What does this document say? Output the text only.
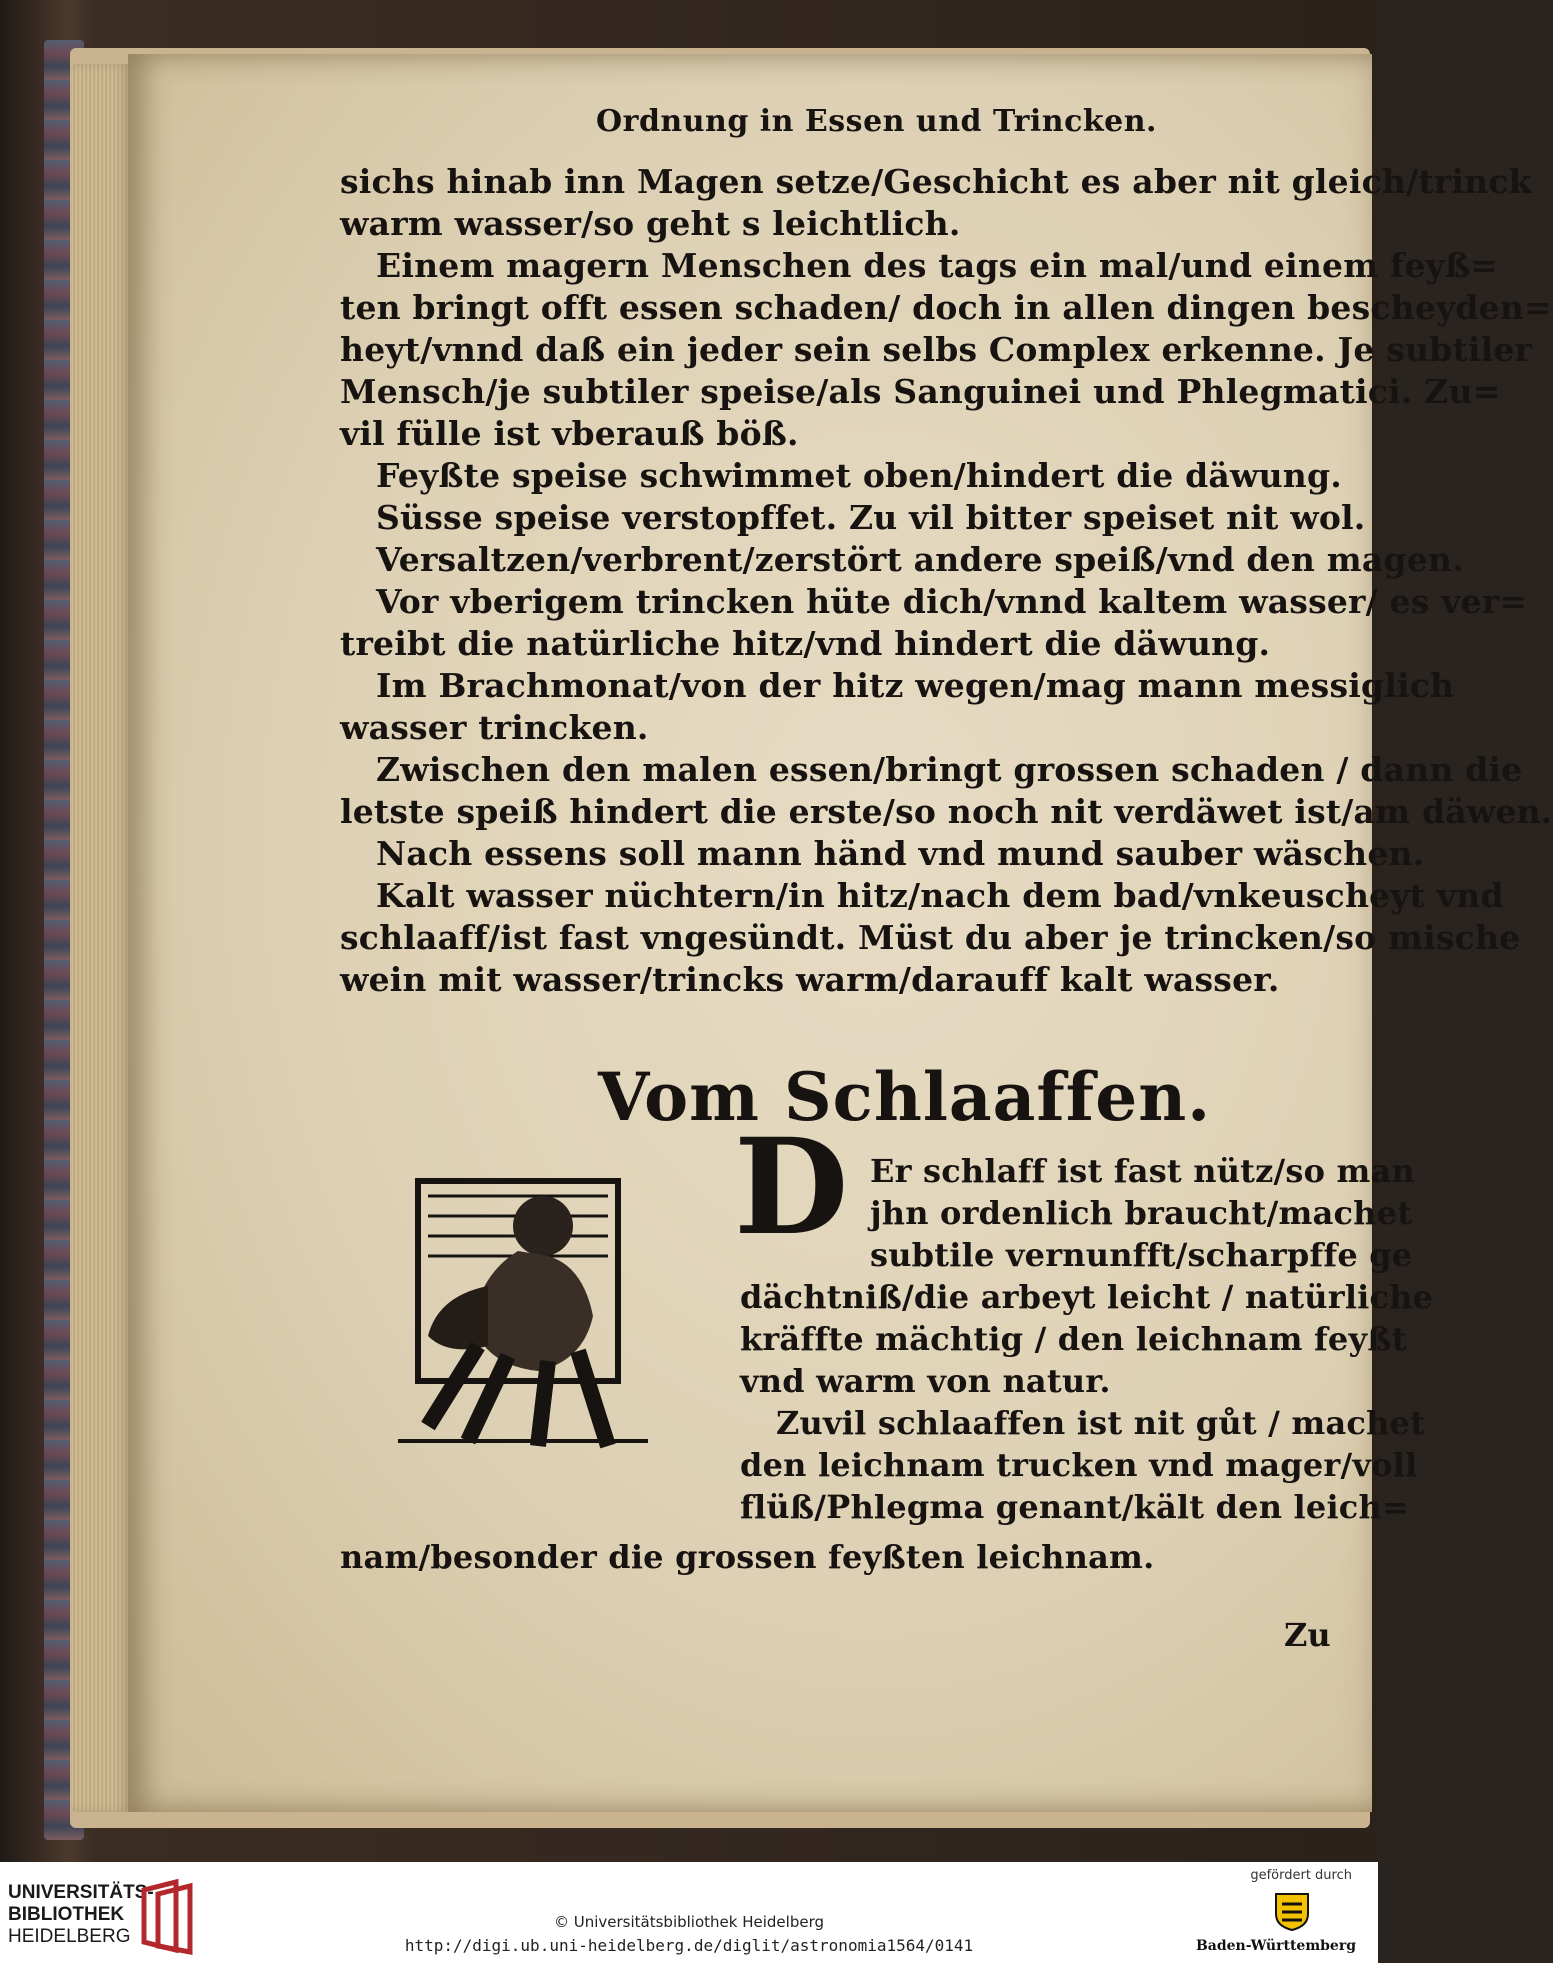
Ordnung in Essen und Trincken.
sichs hinab inn Magen setze/Geschicht es aber nit gleich/trinck
warm wasser/so geht s leichtlich.
Einem magern Menschen des tags ein mal/und einem feyß=
ten bringt offt essen schaden/ doch in allen dingen bescheyden=
heyt/vnnd daß ein jeder sein selbs Complex erkenne. Je subtiler
Mensch/je subtiler speise/als Sanguinei und Phlegmatici. Zu=
vil fülle ist vberauß böß.
Feyßte speise schwimmet oben/hindert die däwung.
Süsse speise verstopffet. Zu vil bitter speiset nit wol.
Versaltzen/verbrent/zerstört andere speiß/vnd den magen.
Vor vberigem trincken hüte dich/vnnd kaltem wasser/ es ver=
treibt die natürliche hitz/vnd hindert die däwung.
Im Brachmonat/von der hitz wegen/mag mann messiglich
wasser trincken.
Zwischen den malen essen/bringt grossen schaden / dann die
letste speiß hindert die erste/so noch nit verdäwet ist/am däwen.
Nach essens soll mann händ vnd mund sauber wäschen.
Kalt wasser nüchtern/in hitz/nach dem bad/vnkeuscheyt vnd
schlaaff/ist fast vngesündt. Müst du aber je trincken/so mische
wein mit wasser/trincks warm/darauff kalt wasser.
Vom Schlaaffen.
D Er schlaff ist fast nütz/so man
jhn ordenlich braucht/machet
subtile vernunfft/scharpffe ge
dächtniß/die arbeyt leicht / natürliche
kräffte mächtig / den leichnam feyßt
vnd warm von natur.
Zuvil schlaaffen ist nit gůt / machet
den leichnam trucken vnd mager/voll
flüß/Phlegma genant/kält den leich=
nam/besonder die grossen feyßten leichnam.
Zu
UNIVERSITÄTS-
BIBLIOTHEK
HEIDELBERG
© Universitätsbibliothek Heidelberg
http://digi.ub.uni-heidelberg.de/diglit/astronomia1564/0141
gefördert durch
Baden-Württemberg
